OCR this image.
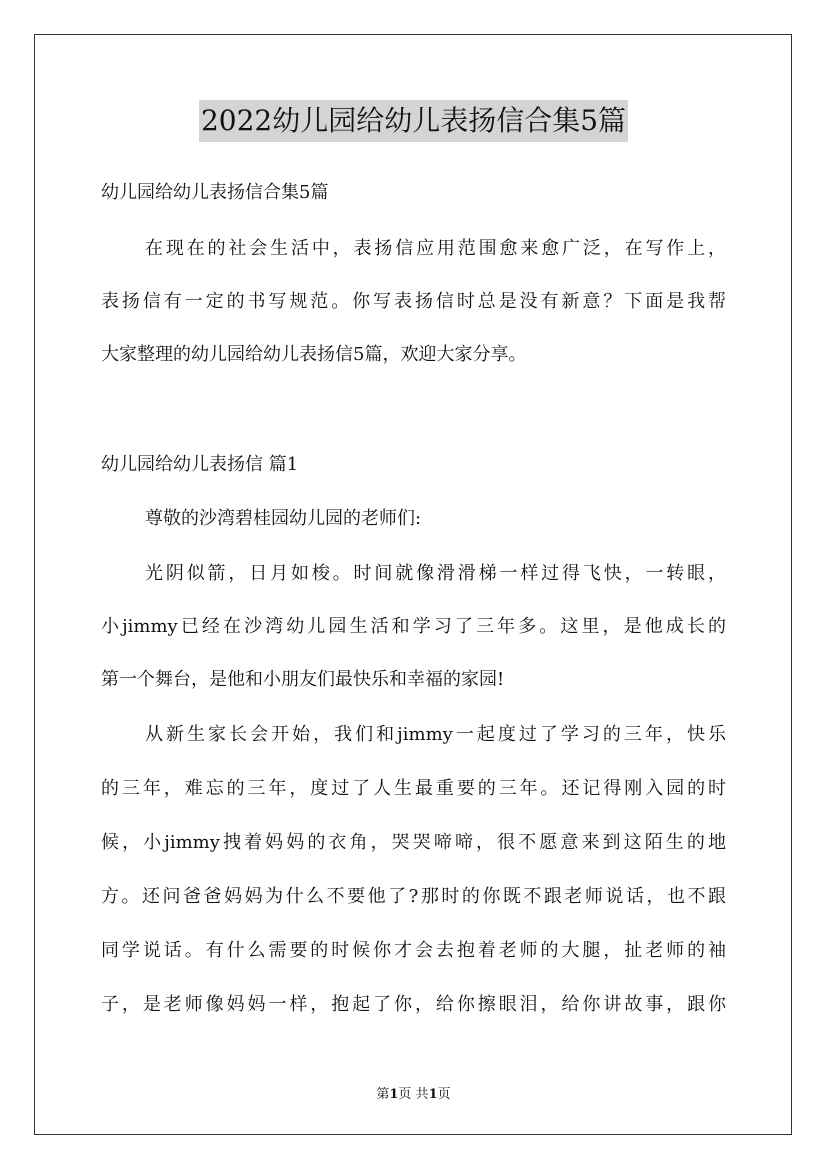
2022幼儿园给幼儿表扬信合集5篇
幼儿园给幼儿表扬信合集5篇
在现在的社会生活中，表扬信应用范围愈来愈广泛，在写作上，
表扬信有一定的书写规范。你写表扬信时总是没有新意？下面是我帮
大家整理的幼儿园给幼儿表扬信5篇，欢迎大家分享。
幼儿园给幼儿表扬信 篇1
尊敬的沙湾碧桂园幼儿园的老师们:
光阴似箭，日月如梭。时间就像滑滑梯一样过得飞快，一转眼，
小jimmy已经在沙湾幼儿园生活和学习了三年多。这里，是他成长的
第一个舞台，是他和小朋友们最快乐和幸福的家园!
从新生家长会开始，我们和jimmy一起度过了学习的三年，快乐
的三年，难忘的三年，度过了人生最重要的三年。还记得刚入园的时
候，小jimmy拽着妈妈的衣角，哭哭啼啼，很不愿意来到这陌生的地
方。还问爸爸妈妈为什么不要他了?那时的你既不跟老师说话，也不跟
同学说话。有什么需要的时候你才会去抱着老师的大腿，扯老师的袖
子，是老师像妈妈一样，抱起了你，给你擦眼泪，给你讲故事，跟你
第1页 共1页
